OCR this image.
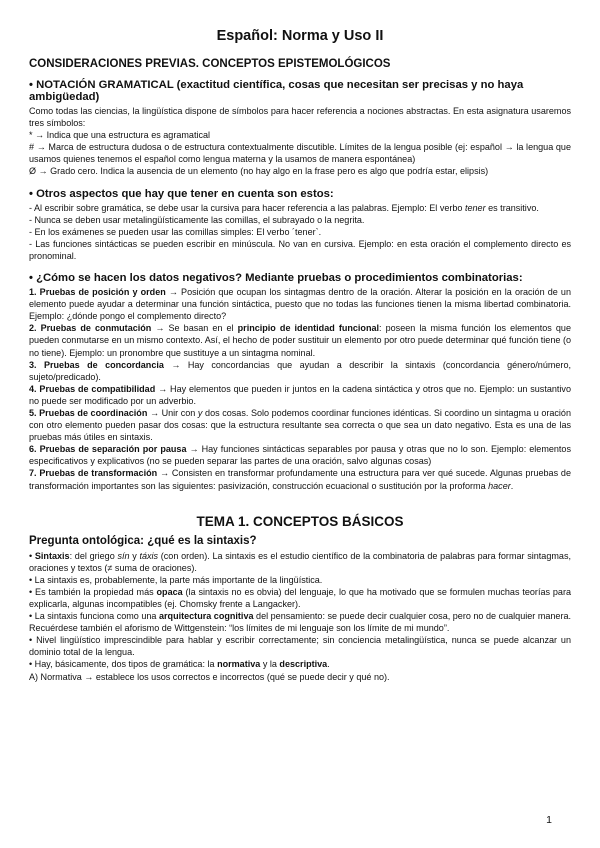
Español: Norma y Uso II
CONSIDERACIONES PREVIAS. CONCEPTOS EPISTEMOLÓGICOS
• NOTACIÓN GRAMATICAL (exactitud científica, cosas que necesitan ser precisas y no haya ambigüedad)

Como todas las ciencias, la lingüística dispone de símbolos para hacer referencia a nociones abstractas. En esta asignatura usaremos tres símbolos:

* → Indica que una estructura es agramatical

# → Marca de estructura dudosa o de estructura contextualmente discutible. Límites de la lengua posible (ej: español → la lengua que usamos quienes tenemos el español como lengua materna y la usamos de manera espontánea)

Ø → Grado cero. Indica la ausencia de un elemento (no hay algo en la frase pero es algo que podría estar, elipsis)

• Otros aspectos que hay que tener en cuenta son estos:

- Al escribir sobre gramática, se debe usar la cursiva para hacer referencia a las palabras. Ejemplo: El verbo tener es transitivo.

- Nunca se deben usar metalingüísticamente las comillas, el subrayado o la negrita.

- En los exámenes se pueden usar las comillas simples: El verbo ´tener`.

- Las funciones sintácticas se pueden escribir en minúscula. No van en cursiva. Ejemplo: en esta oración el complemento directo es pronominal.

• ¿Cómo se hacen los datos negativos? Mediante pruebas o procedimientos combinatorias:

1. Pruebas de posición y orden → Posición que ocupan los sintagmas dentro de la oración. Alterar la posición en la oración de un elemento puede ayudar a determinar una función sintáctica, puesto que no todas las funciones tienen la misma libertad combinatoria. Ejemplo: ¿dónde pongo el complemento directo?

2. Pruebas de conmutación → Se basan en el principio de identidad funcional: poseen la misma función los elementos que pueden conmutarse en un mismo contexto. Así, el hecho de poder sustituir un elemento por otro puede determinar qué función tiene (o no tiene). Ejemplo: un pronombre que sustituye a un sintagma nominal.

3. Pruebas de concordancia → Hay concordancias que ayudan a describir la sintaxis (concordancia género/número, sujeto/predicado).

4. Pruebas de compatibilidad → Hay elementos que pueden ir juntos en la cadena sintáctica y otros que no. Ejemplo: un sustantivo no puede ser modificado por un adverbio.

5. Pruebas de coordinación → Unir con y dos cosas. Solo podemos coordinar funciones idénticas. Si coordino un sintagma u oración con otro elemento pueden pasar dos cosas: que la estructura resultante sea correcta o que sea un dato negativo. Esta es una de las pruebas más útiles en sintaxis.

6. Pruebas de separación por pausa → Hay funciones sintácticas separables por pausa y otras que no lo son. Ejemplo: elementos especificativos y explicativos (no se pueden separar las partes de una oración, salvo algunas cosas)

7. Pruebas de transformación → Consisten en transformar profundamente una estructura para ver qué sucede. Algunas pruebas de transformación importantes son las siguientes: pasivización, construcción ecuacional o sustitución por la proforma hacer.

TEMA 1. CONCEPTOS BÁSICOS
Pregunta ontológica: ¿qué es la sintaxis?

• Sintaxis: del griego sín y táxis (con orden). La sintaxis es el estudio científico de la combinatoria de palabras para formar sintagmas, oraciones y textos (≠ suma de oraciones).

• La sintaxis es, probablemente, la parte más importante de la lingüística.

• Es también la propiedad más opaca (la sintaxis no es obvia) del lenguaje, lo que ha motivado que se formulen muchas teorías para explicarla, algunas incompatibles (ej. Chomsky frente a Langacker).

• La sintaxis funciona como una arquitectura cognitiva del pensamiento: se puede decir cualquier cosa, pero no de cualquier manera. Recuérdese también el aforismo de Wittgenstein: “los límites de mi lenguaje son los límite de mi mundo”.

• Nivel lingüístico imprescindible para hablar y escribir correctamente; sin conciencia metalingüística, nunca se puede alcanzar un dominio total de la lengua.

• Hay, básicamente, dos tipos de gramática: la normativa y la descriptiva.

A) Normativa → establece los usos correctos e incorrectos (qué se puede decir y qué no).

1
